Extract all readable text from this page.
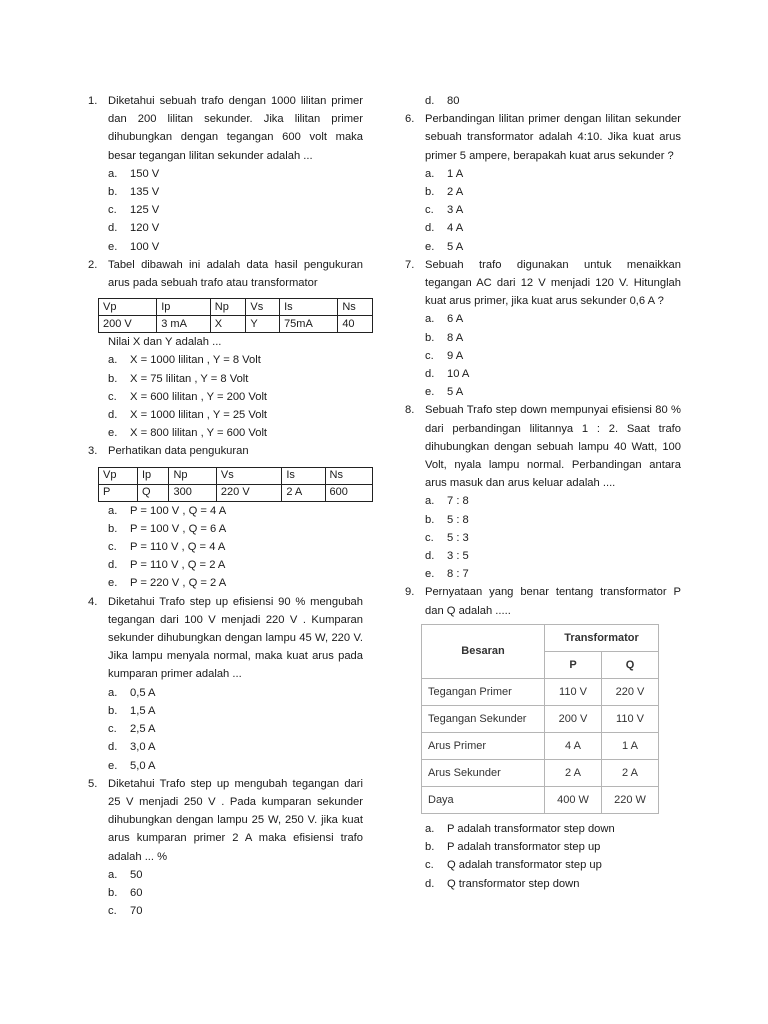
1. Diketahui sebuah trafo dengan 1000 lilitan primer dan 200 lilitan sekunder. Jika lilitan primer dihubungkan dengan tegangan 600 volt maka besar tegangan lilitan sekunder adalah ...

a. 150 V
b. 135 V
c. 125 V
d. 120 V
e. 100 V
2. Tabel dibawah ini adalah data hasil pengukuran arus pada sebuah trafo atau transformator

Vp	Ip	Np	Vs	Is	Ns
200 V	3 mA	X	Y	75mA	40

Nilai X dan Y adalah ...

a. X = 1000 lilitan , Y = 8 Volt
b. X = 75 lilitan , Y = 8 Volt
c. X = 600 lilitan , Y = 200 Volt
d. X = 1000 lilitan , Y = 25 Volt
e. X = 800 lilitan , Y = 600 Volt
3. Perhatikan data pengukuran

Vp	Ip	Np	Vs	Is	Ns
P	Q	300	220 V	2 A	600
a. P = 100 V , Q = 4 A
b. P = 100 V , Q = 6 A
c. P = 110 V , Q = 4 A
d. P = 110 V , Q = 2 A
e. P = 220 V , Q = 2 A
4. Diketahui Trafo step up efisiensi 90 % mengubah tegangan dari 100 V menjadi 220 V . Kumparan sekunder dihubungkan dengan lampu 45 W, 220 V. Jika lampu menyala normal, maka kuat arus pada kumparan primer adalah ...

a. 0,5 A
b. 1,5 A
c. 2,5 A
d. 3,0 A
e. 5,0 A
5. Diketahui Trafo step up mengubah tegangan dari 25 V menjadi 250 V . Pada kumparan sekunder dihubungkan dengan lampu 25 W, 250 V. jika kuat arus kumparan primer 2 A maka efisiensi trafo adalah ... %

a. 50
b. 60
c. 70
d. 80
6. Perbandingan lilitan primer dengan lilitan sekunder sebuah transformator adalah 4:10. Jika kuat arus primer 5 ampere, berapakah kuat arus sekunder ?

a. 1 A
b. 2 A
c. 3 A
d. 4 A
e. 5 A
7. Sebuah trafo digunakan untuk menaikkan tegangan AC dari 12 V menjadi 120 V. Hitunglah kuat arus primer, jika kuat arus sekunder 0,6 A ?

a. 6 A
b. 8 A
c. 9 A
d. 10 A
e. 5 A
8. Sebuah Trafo step down mempunyai efisiensi 80 % dari perbandingan lilitannya 1 : 2. Saat trafo dihubungkan dengan sebuah lampu 40 Watt, 100 Volt, nyala lampu normal. Perbandingan antara arus masuk dan arus keluar adalah ....

a. 7 : 8
b. 5 : 8
c. 5 : 3
d. 3 : 5
e. 8 : 7
9. Pernyataan yang benar tentang transformator P dan Q adalah .....

Besaran	Transformator	
	P	Q
Tegangan Primer	110 V	220 V
Tegangan Sekunder	200 V	110 V
Arus Primer	4 A	1 A
Arus Sekunder	2 A	2 A
Daya	400 W	220 W
a. P adalah transformator step down
b. P adalah transformator step up
c. Q adalah transformator step up
d. Q transformator step down
